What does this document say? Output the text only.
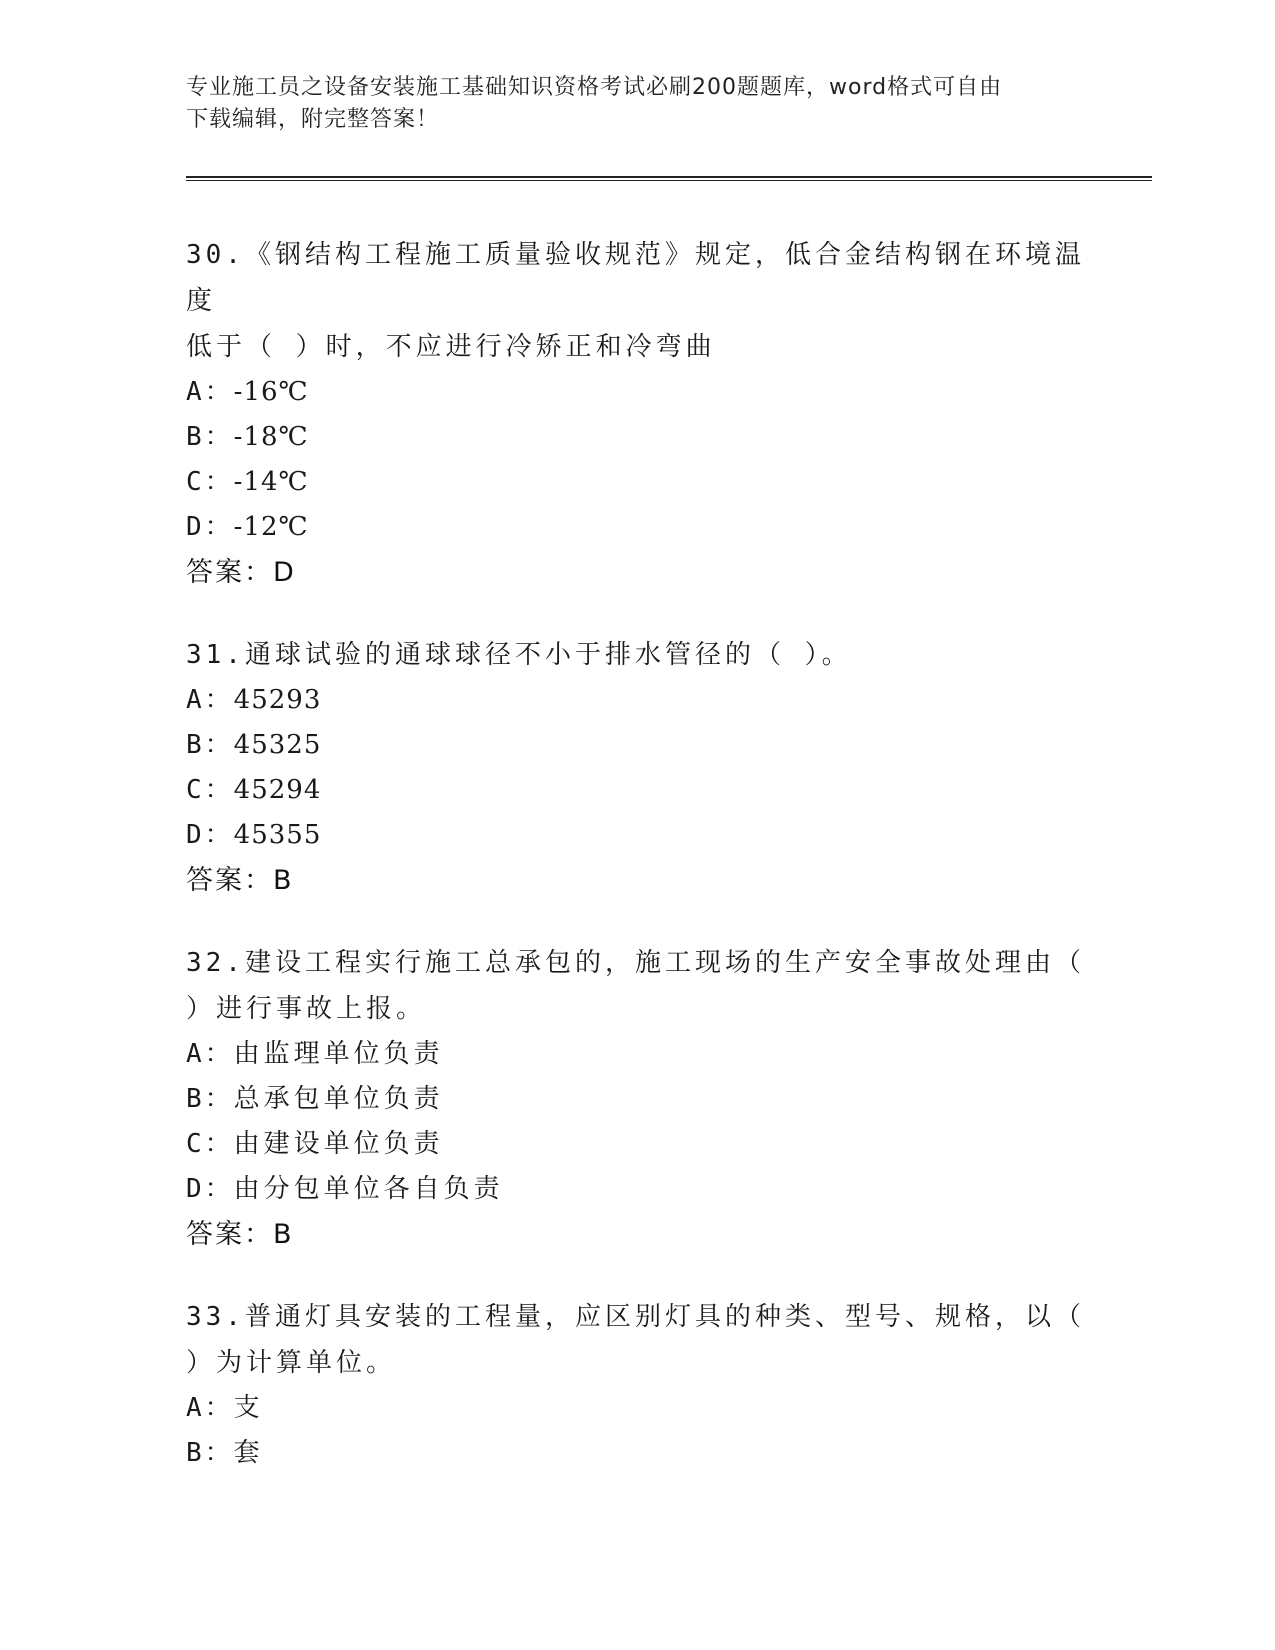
专业施工员之设备安装施工基础知识资格考试必刷200题题库，word格式可自由
下载编辑，附完整答案！
30.《钢结构工程施工质量验收规范》规定，低合金结构钢在环境温度
低于（ ）时，不应进行冷矫正和冷弯曲
A：-16℃
B：-18℃
C：-14℃
D：-12℃
答案：D
31.通球试验的通球球径不小于排水管径的（ ）。
A：45293
B：45325
C：45294
D：45355
答案：B
32.建设工程实行施工总承包的，施工现场的生产安全事故处理由（
）进行事故上报。
A：由监理单位负责
B：总承包单位负责
C：由建设单位负责
D：由分包单位各自负责
答案：B
33.普通灯具安装的工程量，应区别灯具的种类、型号、规格，以（
）为计算单位。
A：支
B：套
